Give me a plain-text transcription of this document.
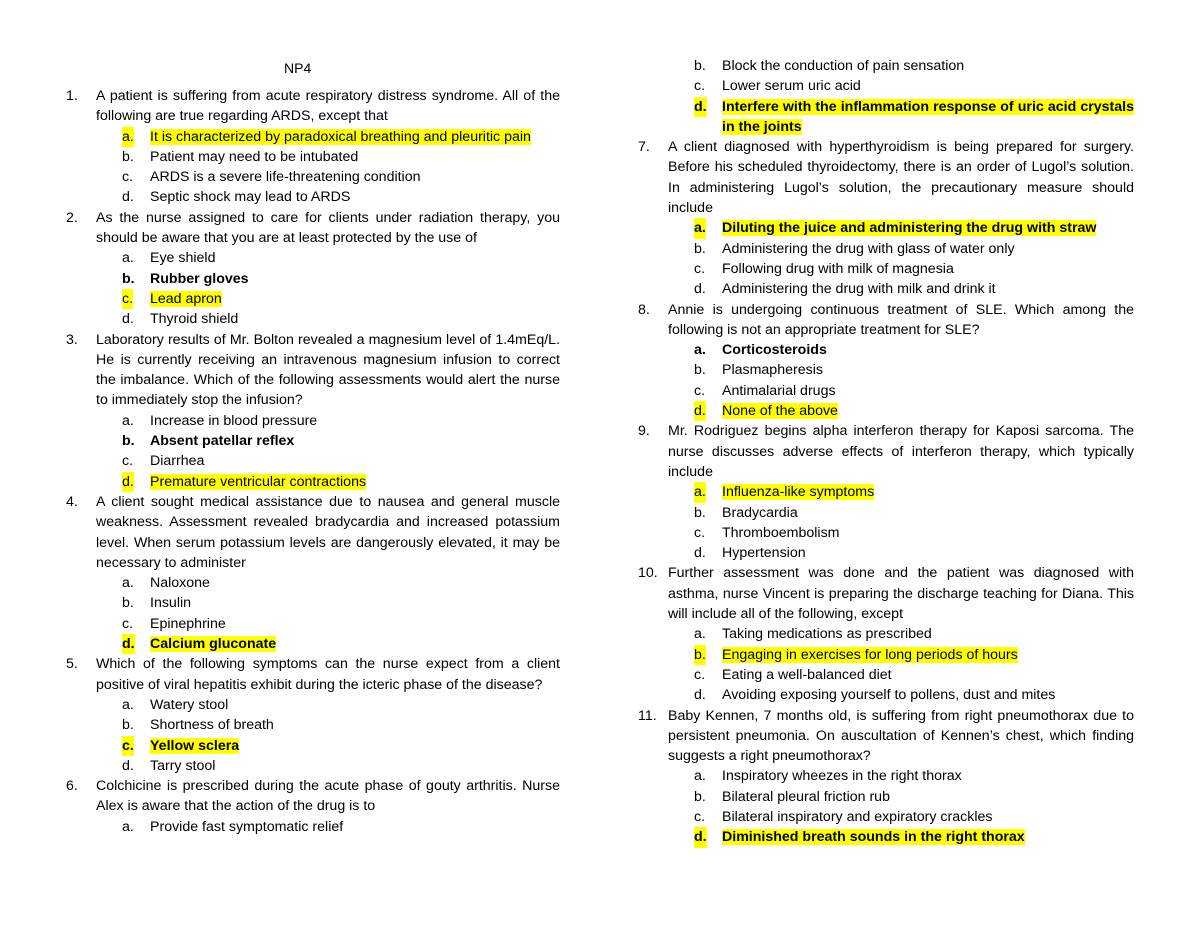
NP4
1. A patient is suffering from acute respiratory distress syndrome. All of the following are true regarding ARDS, except that
a. It is characterized by paradoxical breathing and pleuritic pain
b. Patient may need to be intubated
c. ARDS is a severe life-threatening condition
d. Septic shock may lead to ARDS
2. As the nurse assigned to care for clients under radiation therapy, you should be aware that you are at least protected by the use of
a. Eye shield
b. Rubber gloves
c. Lead apron
d. Thyroid shield
3. Laboratory results of Mr. Bolton revealed a magnesium level of 1.4mEq/L. He is currently receiving an intravenous magnesium infusion to correct the imbalance. Which of the following assessments would alert the nurse to immediately stop the infusion?
a. Increase in blood pressure
b. Absent patellar reflex
c. Diarrhea
d. Premature ventricular contractions
4. A client sought medical assistance due to nausea and general muscle weakness. Assessment revealed bradycardia and increased potassium level. When serum potassium levels are dangerously elevated, it may be necessary to administer
a. Naloxone
b. Insulin
c. Epinephrine
d. Calcium gluconate
5. Which of the following symptoms can the nurse expect from a client positive of viral hepatitis exhibit during the icteric phase of the disease?
a. Watery stool
b. Shortness of breath
c. Yellow sclera
d. Tarry stool
6. Colchicine is prescribed during the acute phase of gouty arthritis. Nurse Alex is aware that the action of the drug is to
a. Provide fast symptomatic relief
b. Block the conduction of pain sensation
c. Lower serum uric acid
d. Interfere with the inflammation response of uric acid crystals in the joints
7. A client diagnosed with hyperthyroidism is being prepared for surgery. Before his scheduled thyroidectomy, there is an order of Lugol’s solution. In administering Lugol’s solution, the precautionary measure should include
a. Diluting the juice and administering the drug with straw
b. Administering the drug with glass of water only
c. Following drug with milk of magnesia
d. Administering the drug with milk and drink it
8. Annie is undergoing continuous treatment of SLE. Which among the following is not an appropriate treatment for SLE?
a. Corticosteroids
b. Plasmapheresis
c. Antimalarial drugs
d. None of the above
9. Mr. Rodriguez begins alpha interferon therapy for Kaposi sarcoma. The nurse discusses adverse effects of interferon therapy, which typically include
a. Influenza-like symptoms
b. Bradycardia
c. Thromboembolism
d. Hypertension
10. Further assessment was done and the patient was diagnosed with asthma, nurse Vincent is preparing the discharge teaching for Diana. This will include all of the following, except
a. Taking medications as prescribed
b. Engaging in exercises for long periods of hours
c. Eating a well-balanced diet
d. Avoiding exposing yourself to pollens, dust and mites
11. Baby Kennen, 7 months old, is suffering from right pneumothorax due to persistent pneumonia. On auscultation of Kennen’s chest, which finding suggests a right pneumothorax?
a. Inspiratory wheezes in the right thorax
b. Bilateral pleural friction rub
c. Bilateral inspiratory and expiratory crackles
d. Diminished breath sounds in the right thorax
